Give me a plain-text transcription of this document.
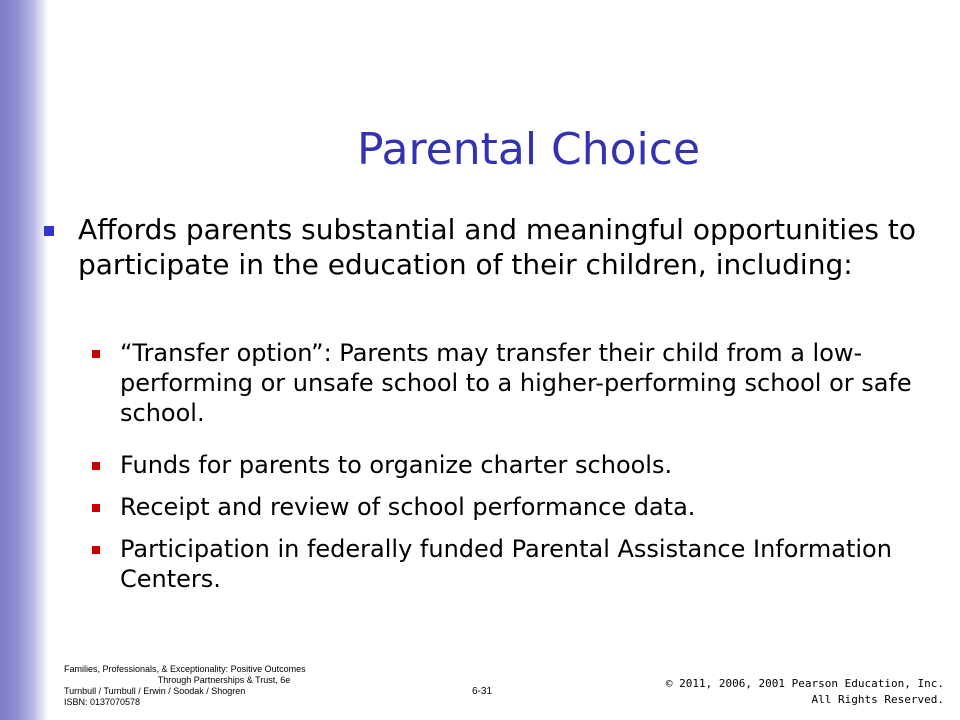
Parental Choice
Affords parents substantial and meaningful opportunities to participate in the education of their children, including:
“Transfer option”: Parents may transfer their child from a low-performing or unsafe school to a higher-performing school or safe school.
Funds for parents to organize charter schools.
Receipt and review of school performance data.
Participation in federally funded Parental Assistance Information Centers.
Families, Professionals, & Exceptionality: Positive Outcomes

Through Partnerships & Trust, 6e
Turnbull / Turnbull / Erwin / Soodak / Shogren
ISBN: 0137070578
6-31
© 2011, 2006, 2001 Pearson Education, Inc.
All Rights Reserved.
